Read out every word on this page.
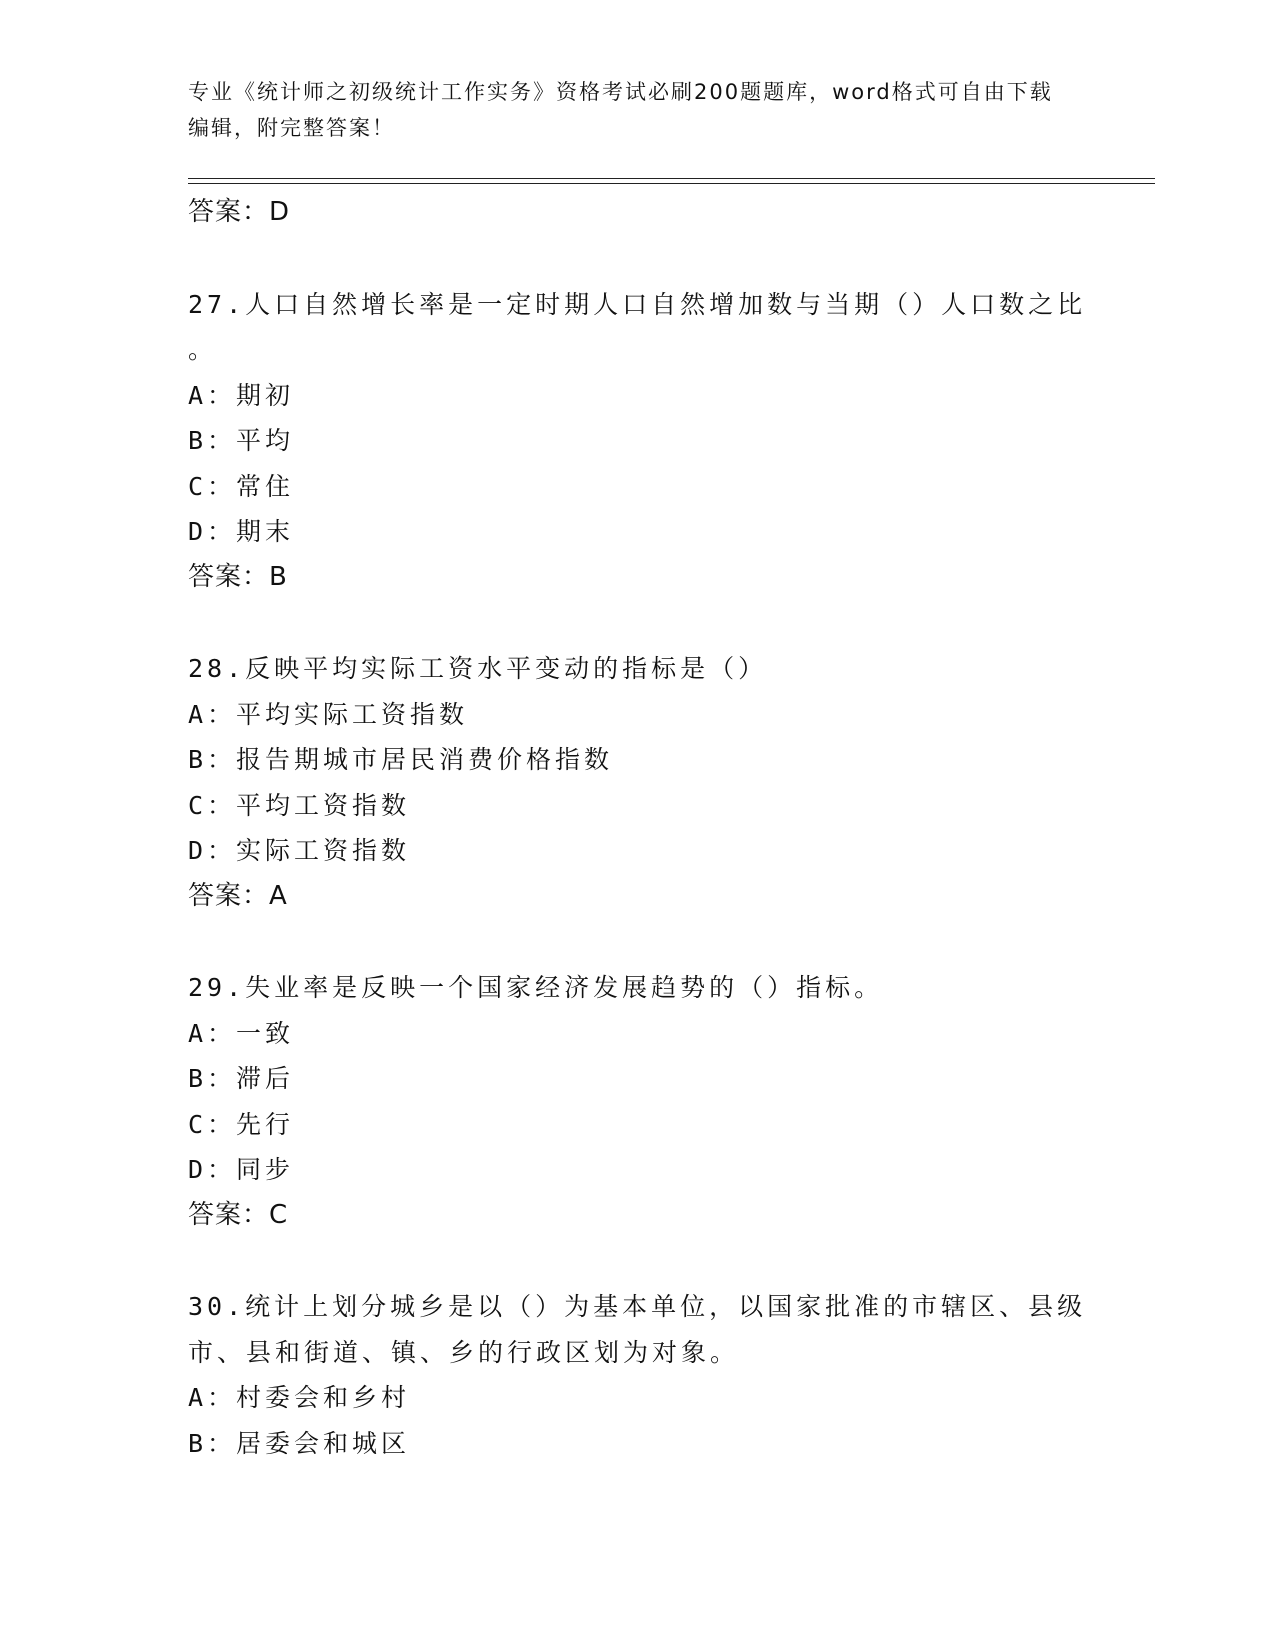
专业《统计师之初级统计工作实务》资格考试必刷200题题库，word格式可自由下载编辑，附完整答案！
答案：D
27.人口自然增长率是一定时期人口自然增加数与当期（）人口数之比
。
A：期初
B：平均
C：常住
D：期末
答案：B
28.反映平均实际工资水平变动的指标是（）
A：平均实际工资指数
B：报告期城市居民消费价格指数
C：平均工资指数
D：实际工资指数
答案：A
29.失业率是反映一个国家经济发展趋势的（）指标。
A：一致
B：滞后
C：先行
D：同步
答案：C
30.统计上划分城乡是以（）为基本单位，以国家批准的市辖区、县级
市、县和街道、镇、乡的行政区划为对象。
A：村委会和乡村
B：居委会和城区
